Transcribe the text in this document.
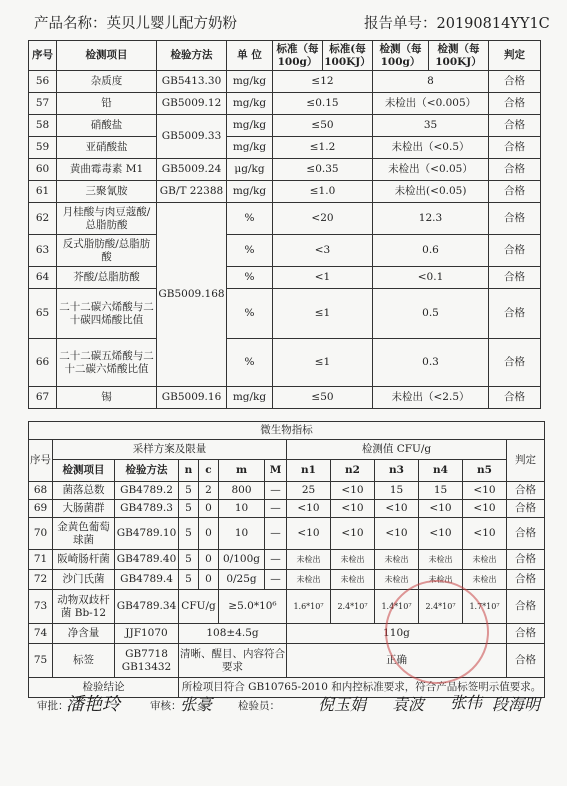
产品名称：英贝儿婴儿配方奶粉	报告单号：20190814YY1C
序号	检测项目	检验方法	单 位	标准（每100g）	标准(每100KJ）	检测（每100g）	检测（每100KJ）	判定
56	杂质度	GB5413.30	mg/kg	≤12		8		合格
57	铅	GB5009.12	mg/kg	≤0.15		未检出（<0.005）		合格
58	硝酸盐	GB5009.33	mg/kg	≤50		35		合格
59	亚硝酸盐		mg/kg	≤1.2		未检出（<0.5）		合格
60	黄曲霉毒素 M1	GB5009.24	μg/kg	≤0.35		未检出（<0.05）		合格
61	三聚氰胺	GB/T 22388	mg/kg	≤1.0		未检出(<0.05)		合格
62	月桂酸与肉豆蔻酸/总脂肪酸	GB5009.168	%	<20		12.3		合格
63	反式脂肪酸/总脂肪酸		%	<3		0.6		合格
64	芥酸/总脂肪酸		%	<1		<0.1		合格
65	二十二碳六烯酸与二十碳四烯酸比值		%	≤1		0.5		合格
66	二十二碳五烯酸与二十二碳六烯酸比值		%	≤1		0.3		合格
67	锡	GB5009.16	mg/kg	≤50		未检出（<2.5）		合格
微生物指标												
序号	采样方案及限量						检测值 CFU/g					判定
	检测项目	检验方法	n	c	m	M	n1	n2	n3	n4	n5	
68	菌落总数	GB4789.2	5	2	800	—	25	<10	15	15	<10	合格
69	大肠菌群	GB4789.3	5	0	10	—	<10	<10	<10	<10	<10	合格
70	金黄色葡萄球菌	GB4789.10	5	0	10	—	<10	<10	<10	<10	<10	合格
71	阪崎肠杆菌	GB4789.40	5	0	0/100g	—	未检出	未检出	未检出	未检出	未检出	合格
72	沙门氏菌	GB4789.4	5	0	0/25g	—	未检出	未检出	未检出	未检出	未检出	合格
73	动物双歧杆菌 Bb-12	GB4789.34	CFU/g		≥5.0*10⁶		1.6*10⁷	2.4*10⁷	1.4*10⁷	2.4*10⁷	1.7*10⁷	合格
74	净含量	JJF1070	108±4.5g				110g					合格
75	标签	GB7718 GB13432	清晰、醒目、内容符合要求				正确					合格
检验结论			所检项目符合 GB10765-2010 和内控标准要求，符合产品标签明示值要求。									
审批：
潘艳玲	审核：
张豪 检验员： 倪玉娟 袁波 张伟 段海明
